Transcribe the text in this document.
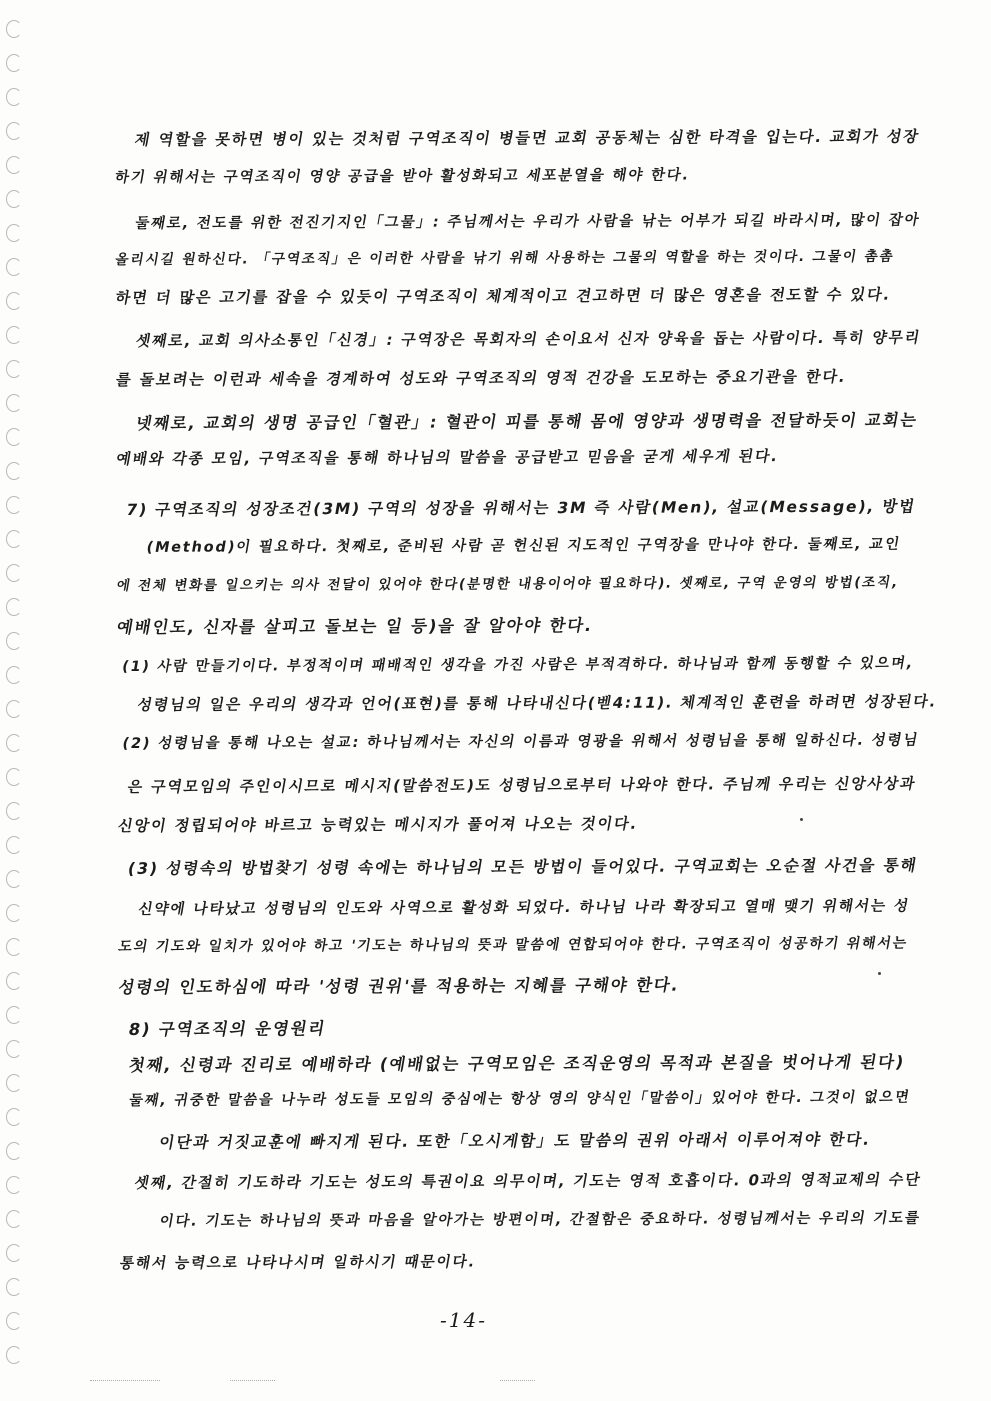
제 역할을 못하면 병이 있는 것처럼 구역조직이 병들면 교회 공동체는 심한 타격을 입는다. 교회가 성장
하기 위해서는 구역조직이 영양 공급을 받아 활성화되고 세포분열을 해야 한다.
둘째로, 전도를 위한 전진기지인「그물」: 주님께서는 우리가 사람을 낚는 어부가 되길 바라시며, 많이 잡아
올리시길 원하신다. 「구역조직」은 이러한 사람을 낚기 위해 사용하는 그물의 역할을 하는 것이다. 그물이 촘촘
하면 더 많은 고기를 잡을 수 있듯이 구역조직이 체계적이고 견고하면 더 많은 영혼을 전도할 수 있다.
셋째로, 교회 의사소통인「신경」: 구역장은 목회자의 손이요서 신자 양육을 돕는 사람이다. 특히 양무리
를 돌보려는 이런과 세속을 경계하여 성도와 구역조직의 영적 건강을 도모하는 중요기관을 한다.
넷째로, 교회의 생명 공급인「혈관」: 혈관이 피를 통해 몸에 영양과 생명력을 전달하듯이 교회는
예배와 각종 모임, 구역조직을 통해 하나님의 말씀을 공급받고 믿음을 굳게 세우게 된다.
7) 구역조직의 성장조건(3M) 구역의 성장을 위해서는 3M 즉 사람(Men), 설교(Message), 방법
(Method)이 필요하다. 첫째로, 준비된 사람 곧 헌신된 지도적인 구역장을 만나야 한다. 둘째로, 교인
에 전체 변화를 일으키는 의사 전달이 있어야 한다(분명한 내용이어야 필요하다). 셋째로, 구역 운영의 방법(조직,
예배인도, 신자를 살피고 돌보는 일 등)을 잘 알아야 한다.
(1) 사람 만들기이다. 부정적이며 패배적인 생각을 가진 사람은 부적격하다. 하나님과 함께 동행할 수 있으며,
성령님의 일은 우리의 생각과 언어(표현)를 통해 나타내신다(벧4:11). 체계적인 훈련을 하려면 성장된다.
(2) 성령님을 통해 나오는 설교: 하나님께서는 자신의 이름과 영광을 위해서 성령님을 통해 일하신다. 성령님
은 구역모임의 주인이시므로 메시지(말씀전도)도 성령님으로부터 나와야 한다. 주님께 우리는 신앙사상과
신앙이 정립되어야 바르고 능력있는 메시지가 풀어져 나오는 것이다.
(3) 성령속의 방법찾기 성령 속에는 하나님의 모든 방법이 들어있다. 구역교회는 오순절 사건을 통해
신약에 나타났고 성령님의 인도와 사역으로 활성화 되었다. 하나님 나라 확장되고 열매 맺기 위해서는 성
도의 기도와 일치가 있어야 하고 '기도는 하나님의 뜻과 말씀에 연합되어야 한다. 구역조직이 성공하기 위해서는
성령의 인도하심에 따라 '성령 권위'를 적용하는 지혜를 구해야 한다.
8) 구역조직의 운영원리
첫째, 신령과 진리로 예배하라 (예배없는 구역모임은 조직운영의 목적과 본질을 벗어나게 된다)
둘째, 귀중한 말씀을 나누라 성도들 모임의 중심에는 항상 영의 양식인「말씀이」있어야 한다. 그것이 없으면
이단과 거짓교훈에 빠지게 된다. 또한「오시게함」도 말씀의 권위 아래서 이루어져야 한다.
셋째, 간절히 기도하라 기도는 성도의 특권이요 의무이며, 기도는 영적 호흡이다. 0과의 영적교제의 수단
이다. 기도는 하나님의 뜻과 마음을 알아가는 방편이며, 간절함은 중요하다. 성령님께서는 우리의 기도를
통해서 능력으로 나타나시며 일하시기 때문이다.
-14-
